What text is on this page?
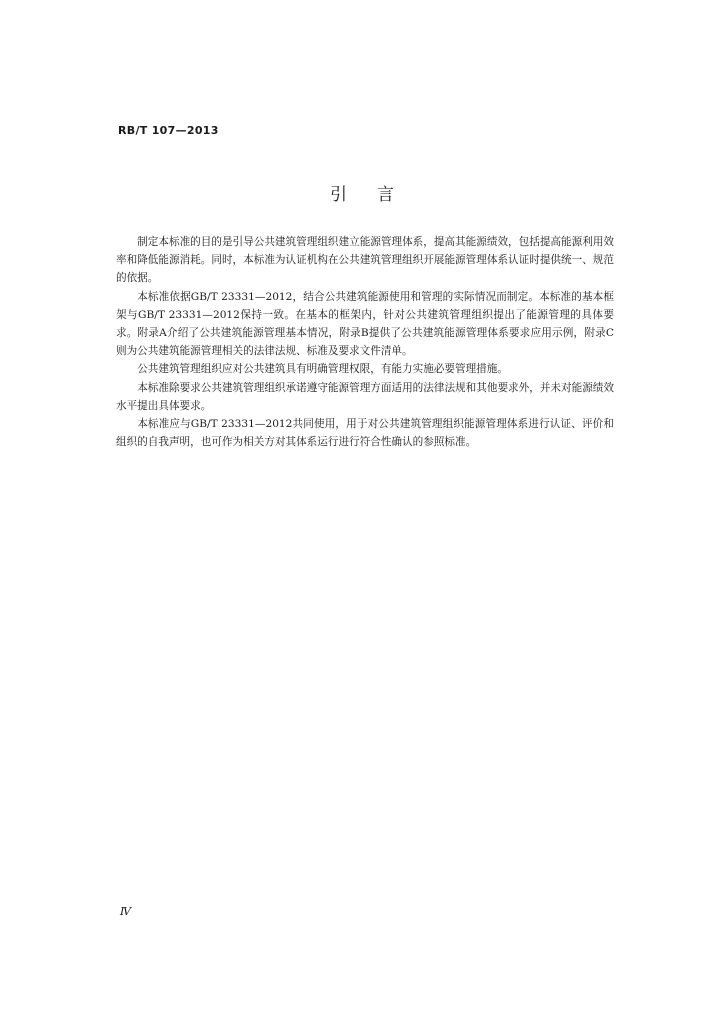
RB/T 107—2013
引言

制定本标准的目的是引导公共建筑管理组织建立能源管理体系，提高其能源绩效，包括提高能源利用效率和降低能源消耗。同时，本标准为认证机构在公共建筑管理组织开展能源管理体系认证时提供统一、规范的依据。

本标准依据GB/T 23331—2012，结合公共建筑能源使用和管理的实际情况而制定。本标准的基本框架与GB/T 23331—2012保持一致。在基本的框架内，针对公共建筑管理组织提出了能源管理的具体要求。附录A介绍了公共建筑能源管理基本情况，附录B提供了公共建筑能源管理体系要求应用示例，附录C则为公共建筑能源管理相关的法律法规、标准及要求文件清单。

公共建筑管理组织应对公共建筑具有明确管理权限，有能力实施必要管理措施。

本标准除要求公共建筑管理组织承诺遵守能源管理方面适用的法律法规和其他要求外，并未对能源绩效水平提出具体要求。

本标准应与GB/T 23331—2012共同使用，用于对公共建筑管理组织能源管理体系进行认证、评价和组织的自我声明，也可作为相关方对其体系运行进行符合性确认的参照标准。

Ⅳ
